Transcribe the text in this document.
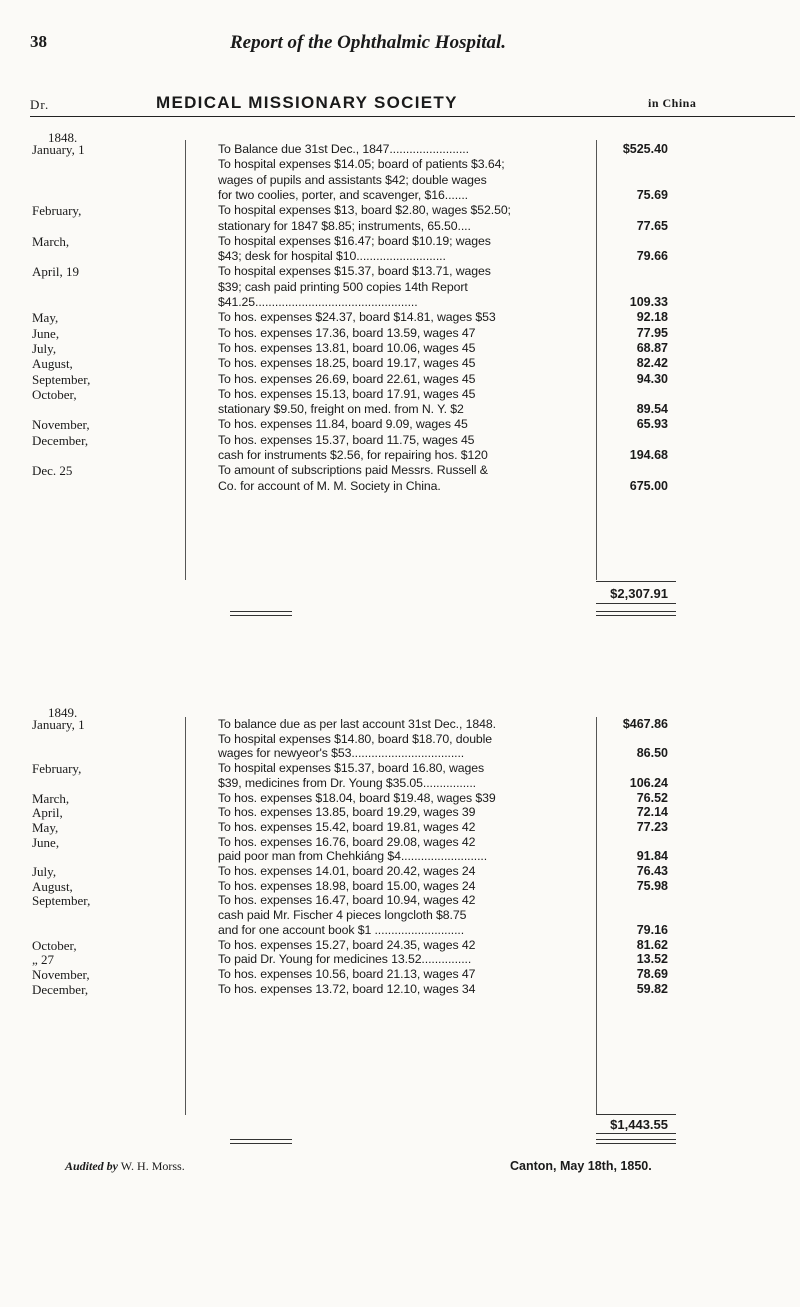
38	Report of the Ophthalmic Hospital.
Dr.	MEDICAL MISSIONARY SOCIETY	in China
1848.
$2,307.91
January, 1	To Balance due 31st Dec., 1847........................	$525.40
To hospital expenses $14.05; board of patients $3.64;
wages of pupils and assistants $42; double wages
for two coolies, porter, and scavenger, $16.......	75.69
February,	To hospital expenses $13, board $2.80, wages $52.50;
stationary for 1847 $8.85; instruments, 65.50....	77.65
March,	To hospital expenses $16.47; board $10.19; wages
$43; desk for hospital $10...........................	79.66
April, 19	To hospital expenses $15.37, board $13.71, wages
$39; cash paid printing 500 copies 14th Report
$41.25.................................................	109.33
May,	To hos. expenses $24.37, board $14.81, wages $53	92.18
June,	To hos. expenses 17.36, board 13.59, wages 47	77.95
July,	To hos. expenses 13.81, board 10.06, wages 45	68.87
August,	To hos. expenses 18.25, board 19.17, wages 45	82.42
September,	To hos. expenses 26.69, board 22.61, wages 45	94.30
October,	To hos. expenses 15.13, board 17.91, wages 45
stationary $9.50, freight on med. from N. Y. $2	89.54
November,	To hos. expenses 11.84, board 9.09, wages 45	65.93
December,	To hos. expenses 15.37, board 11.75, wages 45
cash for instruments $2.56, for repairing hos. $120	194.68
Dec. 25	To amount of subscriptions paid Messrs. Russell &
Co. for account of M. M. Society in China.	675.00
1849.
$1,443.55
January, 1	To balance due as per last account 31st Dec., 1848.	$467.86
To hospital expenses $14.80, board $18.70, double
wages for newyeor's $53..................................	86.50
February,	To hospital expenses $15.37, board 16.80, wages
$39, medicines from Dr. Young $35.05................	106.24
March,	To hos. expenses $18.04, board $19.48, wages $39	76.52
April,	To hos. expenses 13.85, board 19.29, wages 39	72.14
May,	To hos. expenses 15.42, board 19.81, wages 42	77.23
June,	To hos. expenses 16.76, board 29.08, wages 42
paid poor man from Chehkiáng $4..........................	91.84
July,	To hos. expenses 14.01, board 20.42, wages 24	76.43
August,	To hos. expenses 18.98, board 15.00, wages 24	75.98
September,	To hos. expenses 16.47, board 10.94, wages 42
cash paid Mr. Fischer 4 pieces longcloth $8.75
and for one account book $1 ...........................	79.16
October,	To hos. expenses 15.27, board 24.35, wages 42	81.62
„ 27	To paid Dr. Young for medicines 13.52...............	13.52
November,	To hos. expenses 10.56, board 21.13, wages 47	78.69
December,	To hos. expenses 13.72, board 12.10, wages 34	59.82
Audited by W. H. Morss.	Canton, May 18th, 1850.
